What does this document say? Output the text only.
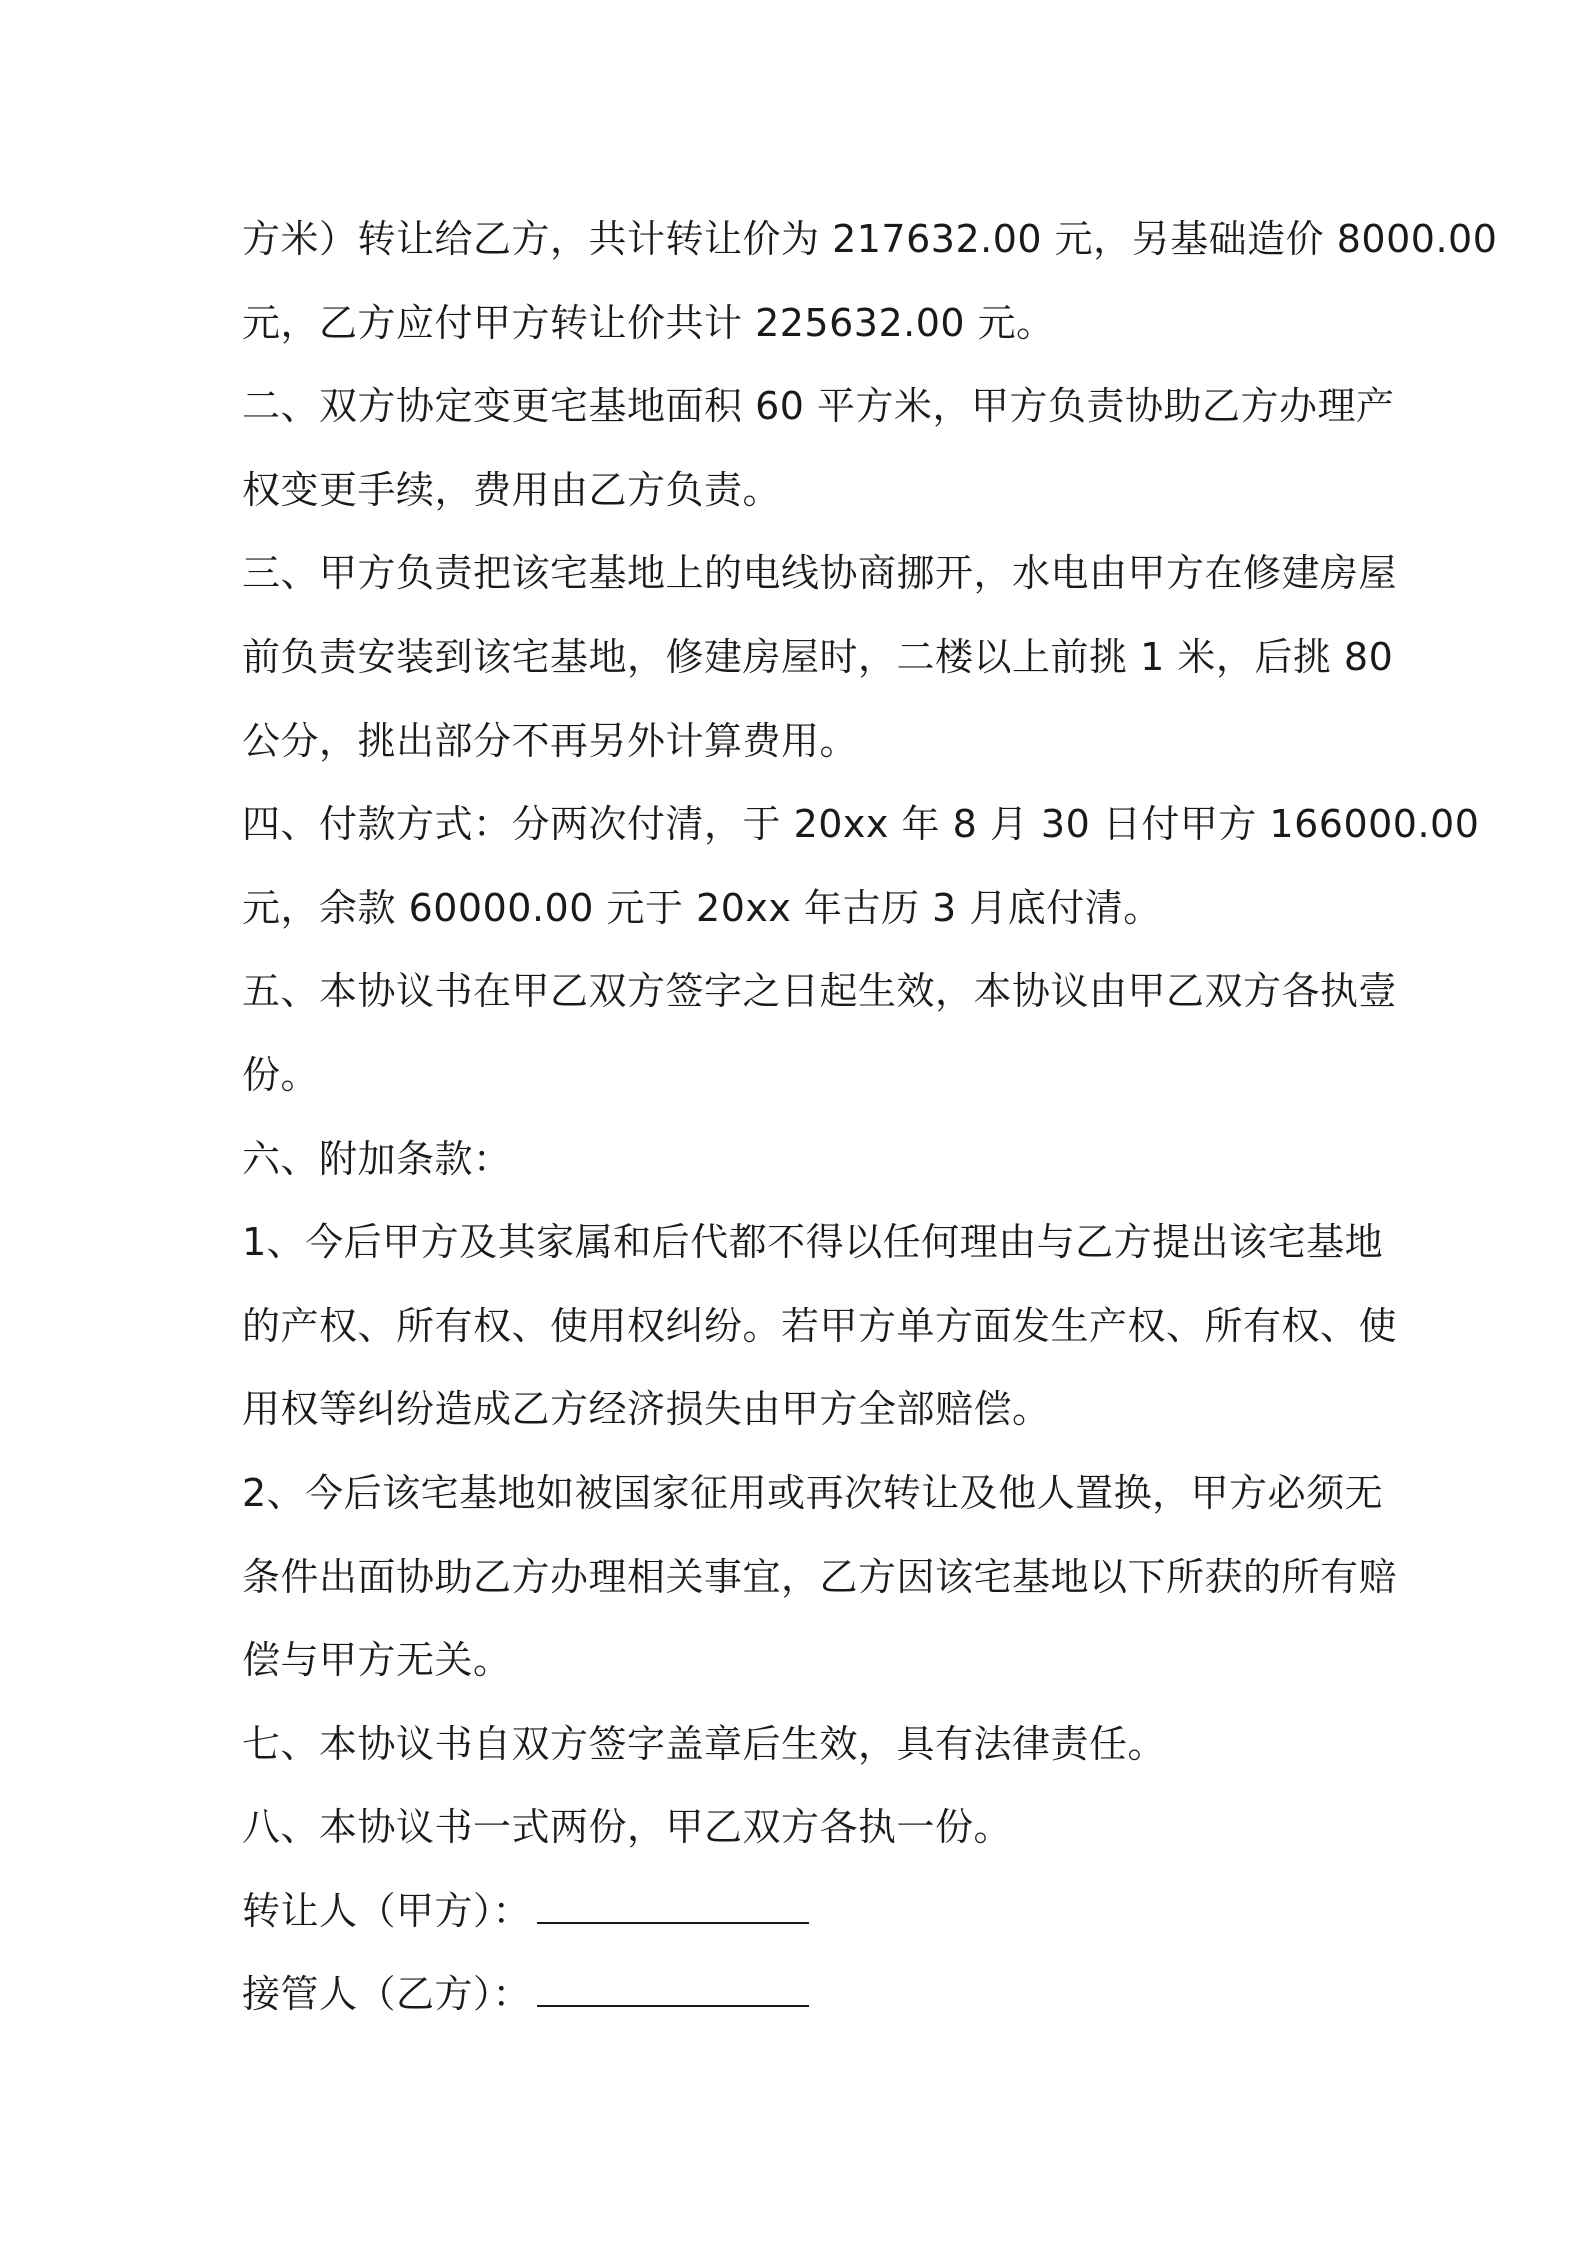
方米）转让给乙方，共计转让价为 217632.00 元，另基础造价 8000.00
元，乙方应付甲方转让价共计 225632.00 元。
二、双方协定变更宅基地面积 60 平方米，甲方负责协助乙方办理产
权变更手续，费用由乙方负责。
三、甲方负责把该宅基地上的电线协商挪开，水电由甲方在修建房屋
前负责安装到该宅基地，修建房屋时，二楼以上前挑 1 米，后挑 80
公分，挑出部分不再另外计算费用。
四、付款方式：分两次付清，于 20xx 年 8 月 30 日付甲方 166000.00
元，余款 60000.00 元于 20xx 年古历 3 月底付清。
五、本协议书在甲乙双方签字之日起生效，本协议由甲乙双方各执壹
份。
六、附加条款：
1、今后甲方及其家属和后代都不得以任何理由与乙方提出该宅基地
的产权、所有权、使用权纠纷。若甲方单方面发生产权、所有权、使
用权等纠纷造成乙方经济损失由甲方全部赔偿。
2、今后该宅基地如被国家征用或再次转让及他人置换，甲方必须无
条件出面协助乙方办理相关事宜，乙方因该宅基地以下所获的所有赔
偿与甲方无关。
七、本协议书自双方签字盖章后生效，具有法律责任。
八、本协议书一式两份，甲乙双方各执一份。
转让人（甲方）：
接管人（乙方）：
